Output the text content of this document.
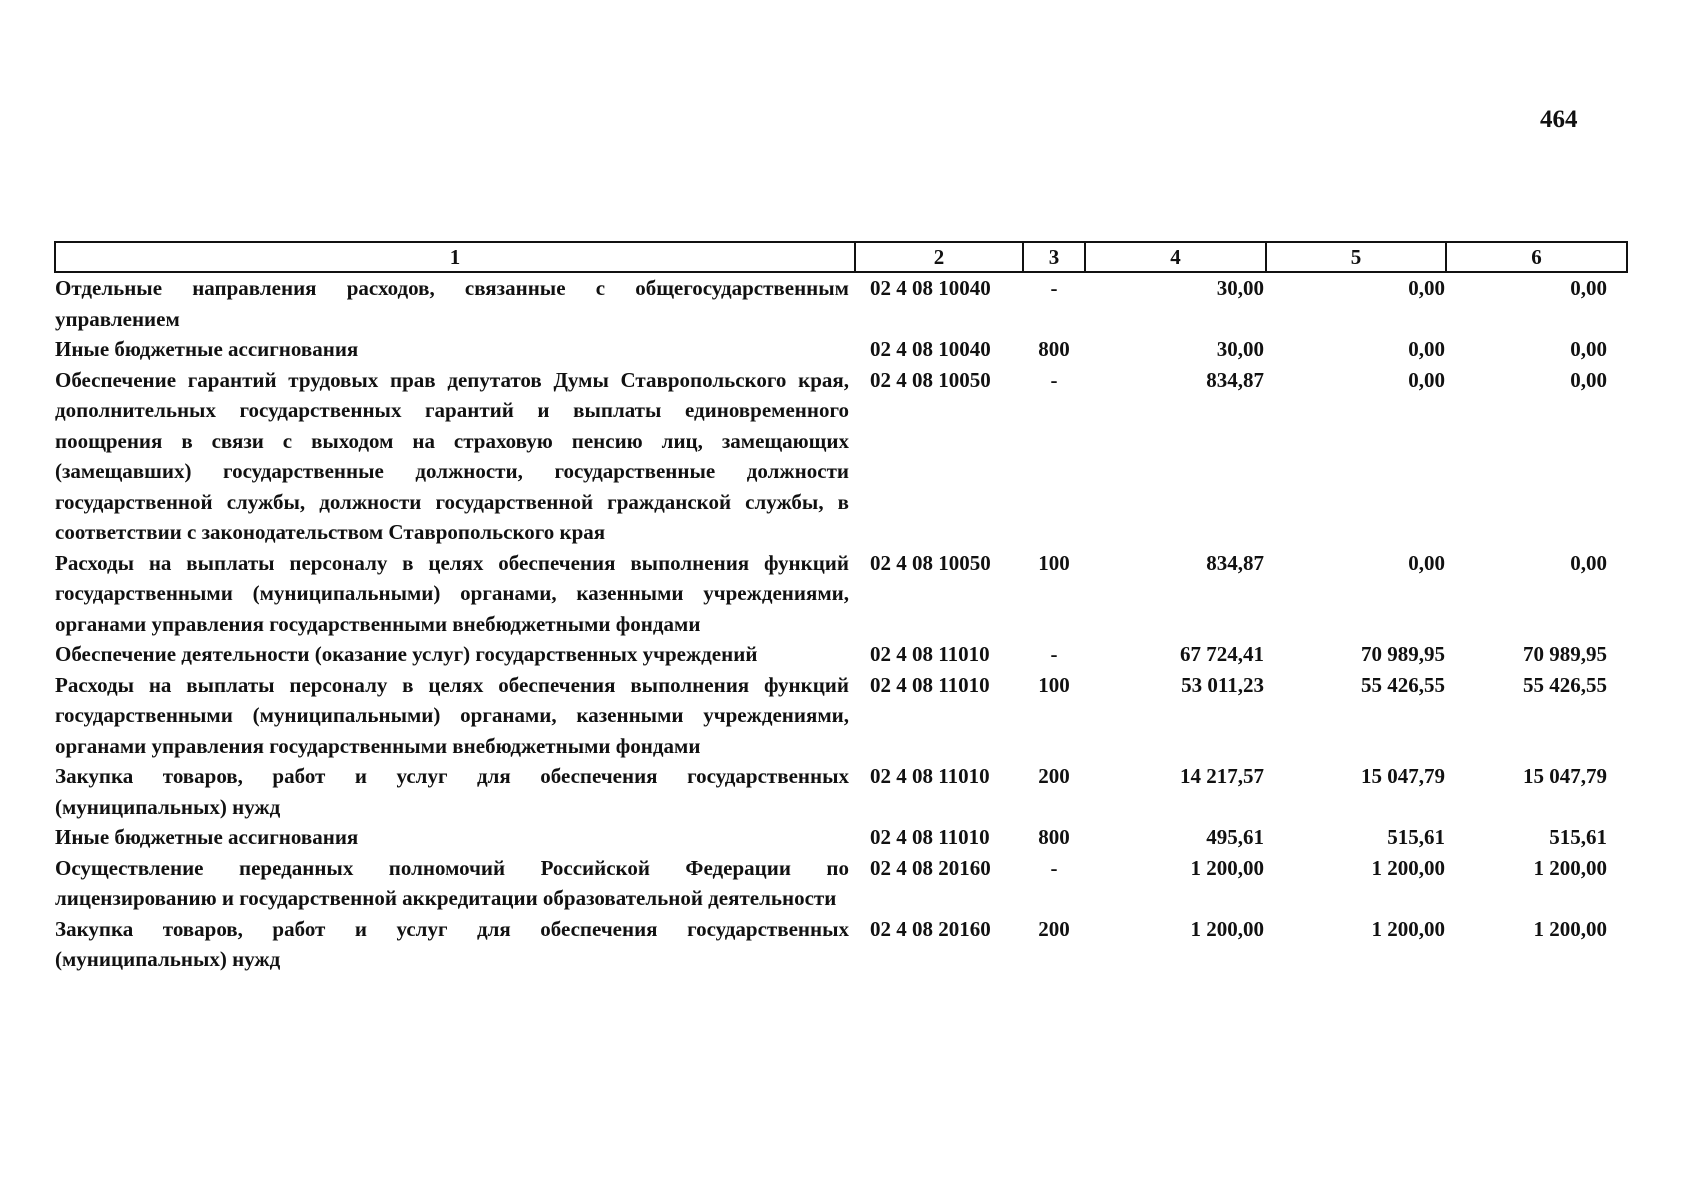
464
1	2	3	4	5	6
Отдельные направления расходов, связанные с общегосударственным управлением	02 4 08 10040	-	30,00	0,00	0,00
Иные бюджетные ассигнования	02 4 08 10040	800	30,00	0,00	0,00
Обеспечение гарантий трудовых прав депутатов Думы Ставропольского края, дополнительных государственных гарантий и выплаты единовременного поощрения в связи с выходом на страховую пенсию лиц, замещающих (замещавших) государственные должности, государственные должности государственной службы, должности государственной гражданской службы, в соответствии с законодательством Ставропольского края	02 4 08 10050	-	834,87	0,00	0,00
Расходы на выплаты персоналу в целях обеспечения выполнения функций государственными (муниципальными) органами, казенными учреждениями, органами управления государственными внебюджетными фондами	02 4 08 10050	100	834,87	0,00	0,00
Обеспечение деятельности (оказание услуг) государственных учреждений	02 4 08 11010	-	67 724,41	70 989,95	70 989,95
Расходы на выплаты персоналу в целях обеспечения выполнения функций государственными (муниципальными) органами, казенными учреждениями, органами управления государственными внебюджетными фондами	02 4 08 11010	100	53 011,23	55 426,55	55 426,55
Закупка товаров, работ и услуг для обеспечения государственных (муниципальных) нужд	02 4 08 11010	200	14 217,57	15 047,79	15 047,79
Иные бюджетные ассигнования	02 4 08 11010	800	495,61	515,61	515,61
Осуществление переданных полномочий Российской Федерации по лицензированию и государственной аккредитации образовательной деятельности	02 4 08 20160	-	1 200,00	1 200,00	1 200,00
Закупка товаров, работ и услуг для обеспечения государственных (муниципальных) нужд	02 4 08 20160	200	1 200,00	1 200,00	1 200,00
